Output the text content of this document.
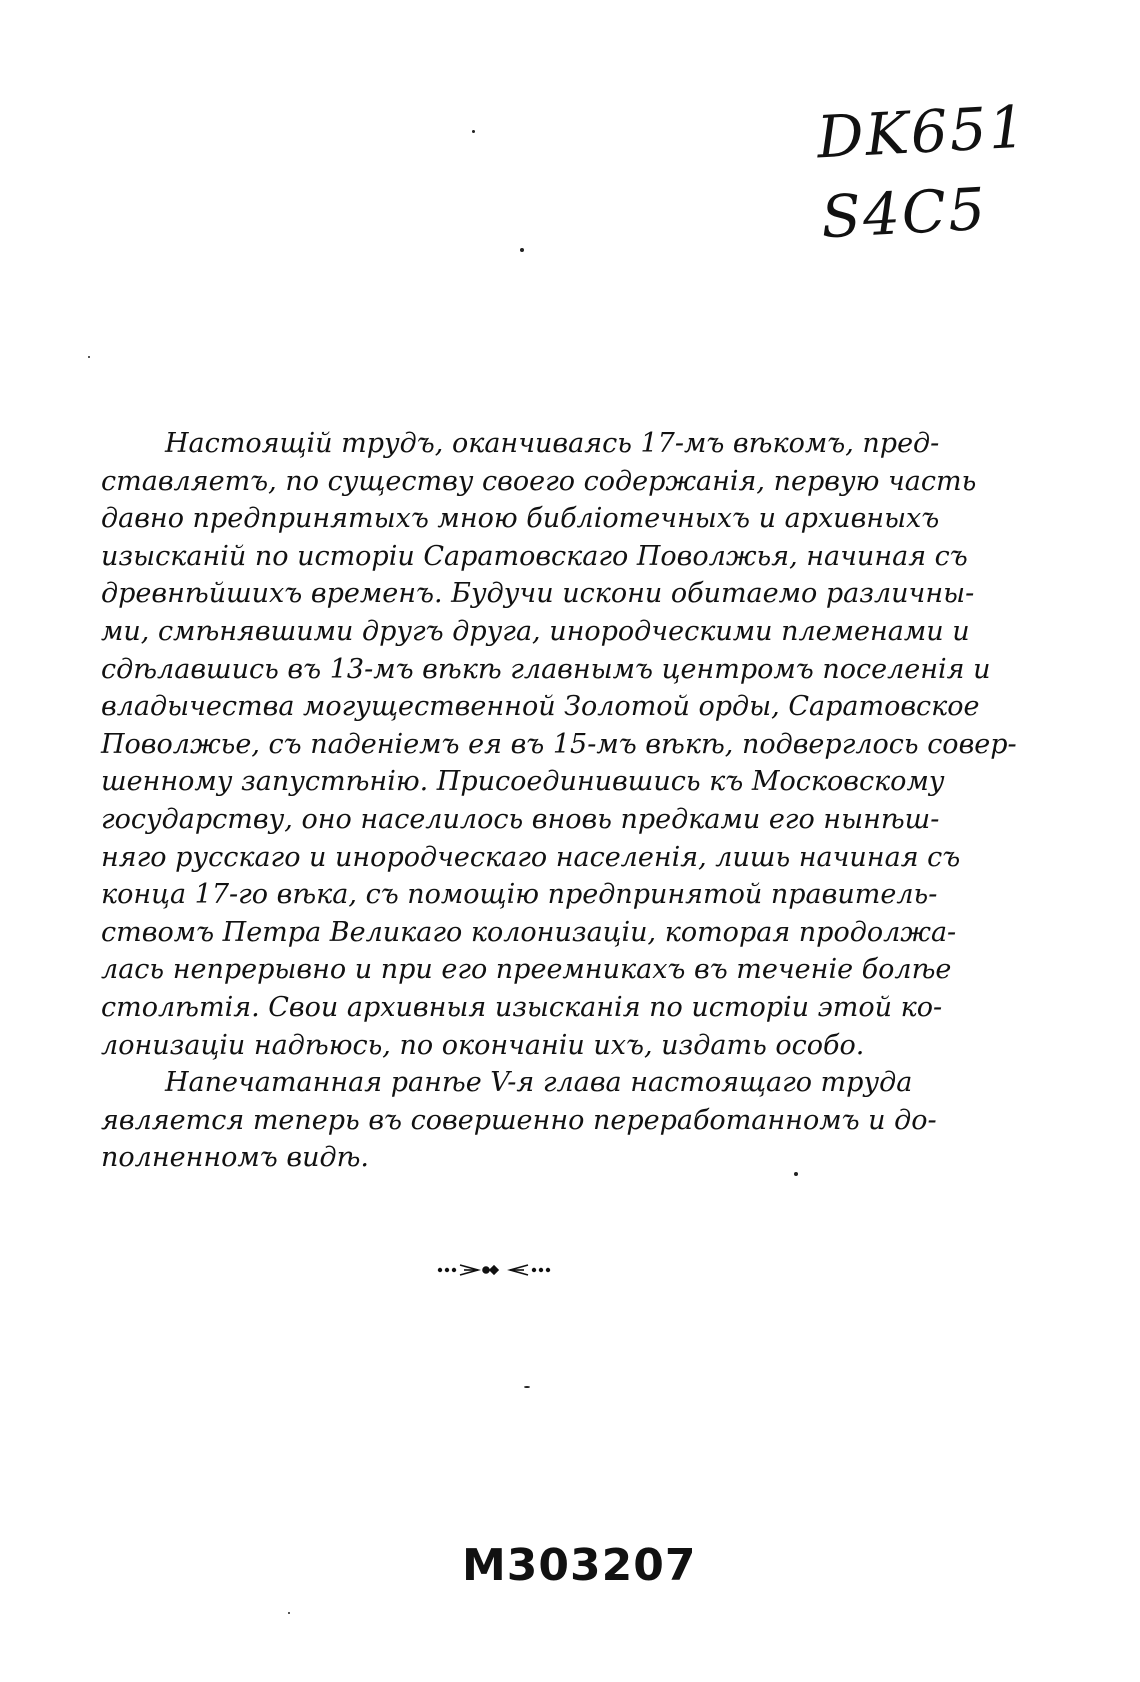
DK651
S4C5
Настоящій трудъ, оканчиваясь 17-мъ вѣкомъ, пред-
ставляетъ, по существу своего содержанія, первую часть
давно предпринятыхъ мною библіотечныхъ и архивныхъ
изысканій по исторіи Саратовскаго Поволжья, начиная съ
древнѣйшихъ временъ. Будучи искони обитаемо различны-
ми, смѣнявшими другъ друга, инородческими племенами и
сдѣлавшись въ 13-мъ вѣкѣ главнымъ центромъ поселенія и
владычества могущественной Золотой орды, Саратовское
Поволжье, съ паденіемъ ея въ 15-мъ вѣкѣ, подверглось совер-
шенному запустѣнію. Присоединившись къ Московскому
государству, оно населилось вновь предками его нынѣш-
няго русскаго и инородческаго населенія, лишь начиная съ
конца 17-го вѣка, съ помощію предпринятой правитель-
ствомъ Петра Великаго колонизаціи, которая продолжа-
лась непрерывно и при его преемникахъ въ теченіе болѣе
столѣтія. Свои архивныя изысканія по исторіи этой ко-
лонизаціи надѣюсь, по окончаніи ихъ, издать особо.
Напечатанная ранѣе V-я глава настоящаго труда
является теперь въ совершенно переработанномъ и до-
полненномъ видѣ.
M303207
